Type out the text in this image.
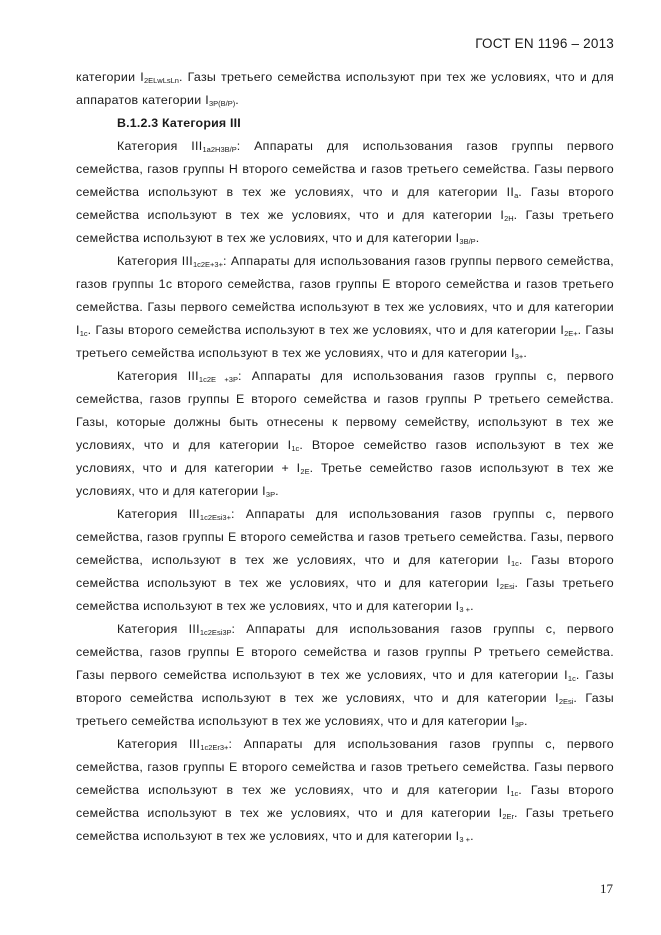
ГОСТ EN 1196 – 2013

категории $I_{2ELwLsLn}$. Газы третьего семейства используют при тех же условиях, что и для аппаратов категории $I_{3P(B/P)}$.

B.1.2.3 Категория III

Категория $III_{1a2H3B/P}$: Аппараты для использования газов группы первого семейства, газов группы H второго семейства и газов третьего семейства. Газы первого семейства используют в тех же условиях, что и для категории $II_a$. Газы второго семейства используют в тех же условиях, что и для категории $I_{2H}$. Газы третьего семейства используют в тех же условиях, что и для категории $I_{3B/P}$.

Категория $III_{1c2E+3+}$: Аппараты для использования газов группы первого семейства, газов группы 1c второго семейства, газов группы E второго семейства и газов третьего семейства. Газы первого семейства используют в тех же условиях, что и для категории $I_{1c}$. Газы второго семейства используют в тех же условиях, что и для категории $I_{2E+}$. Газы третьего семейства используют в тех же условиях, что и для категории $I_{3+}$.

Категория $III_{1c2E +3P}$: Аппараты для использования газов группы c, первого семейства, газов группы E второго семейства и газов группы P третьего семейства. Газы, которые должны быть отнесены к первому семейству, используют в тех же условиях, что и для категории $I_{1c}$. Второе семейство газов используют в тех же условиях, что и для категории + $I_{2E}$. Третье семейство газов используют в тех же условиях, что и для категории $I_{3P}$.

Категория $III_{1c2Esi3+}$: Аппараты для использования газов группы c, первого семейства, газов группы E второго семейства и газов третьего семейства. Газы, первого семейства, используют в тех же условиях, что и для категории $I_{1c}$. Газы второго семейства используют в тех же условиях, что и для категории $I_{2Esi}$. Газы третьего семейства используют в тех же условиях, что и для категории $I_{3 +}$.

Категория $III_{1c2Esi3P}$: Аппараты для использования газов группы c, первого семейства, газов группы E второго семейства и газов группы P третьего семейства. Газы первого семейства используют в тех же условиях, что и для категории $I_{1c}$. Газы второго семейства используют в тех же условиях, что и для категории $I_{2Esi}$. Газы третьего семейства используют в тех же условиях, что и для категории $I_{3P}$.

Категория $III_{1c2Er3+}$: Аппараты для использования газов группы c, первого семейства, газов группы E второго семейства и газов третьего семейства. Газы первого семейства используют в тех же условиях, что и для категории $I_{1c}$. Газы второго семейства используют в тех же условиях, что и для категории $I_{2Er}$. Газы третьего семейства используют в тех же условиях, что и для категории $I_{3 +}$.

17
